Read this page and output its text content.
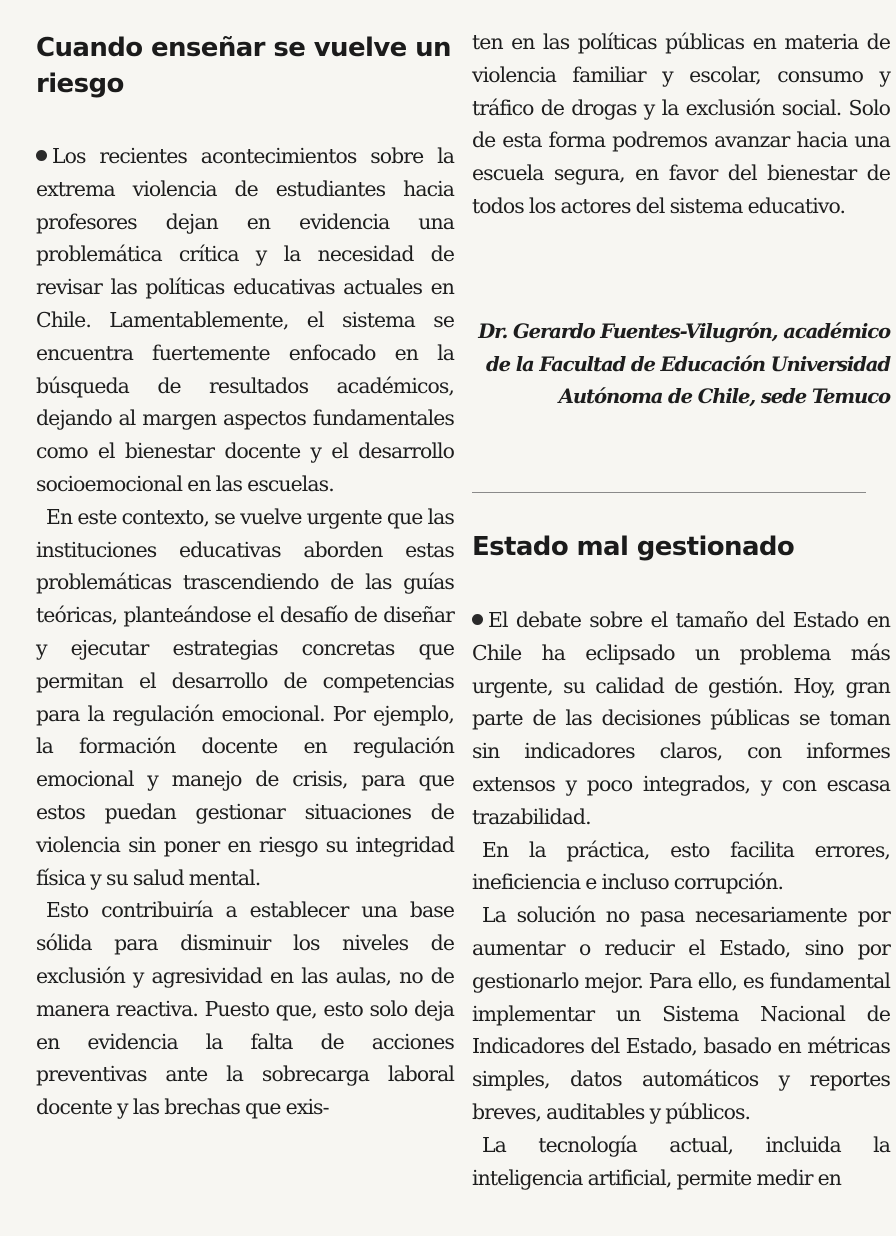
Cuando enseñar se vuelve un riesgo

Los recientes acontecimientos sobre la extrema violencia de estudiantes hacia profesores dejan en evidencia una problemática crítica y la necesidad de revisar las políticas educativas actuales en Chile. Lamentablemente, el sistema se encuentra fuertemente enfocado en la búsqueda de resultados académicos, dejando al margen aspectos fundamentales como el bienestar docente y el desarrollo socioemocional en las escuelas.

En este contexto, se vuelve urgente que las instituciones educativas aborden estas problemáticas trascendiendo de las guías teóricas, planteándose el desafío de diseñar y ejecutar estrategias concretas que permitan el desarrollo de competencias para la regulación emocional. Por ejemplo, la formación docente en regulación emocional y manejo de crisis, para que estos puedan gestionar situaciones de violencia sin poner en riesgo su integridad física y su salud mental.

Esto contribuiría a establecer una base sólida para disminuir los niveles de exclusión y agresividad en las aulas, no de manera reactiva. Puesto que, esto solo deja en evidencia la falta de acciones preventivas ante la sobrecarga laboral docente y las brechas que exis-

ten en las políticas públicas en materia de violencia familiar y escolar, consumo y tráfico de drogas y la exclusión social. Solo de esta forma podremos avanzar hacia una escuela segura, en favor del bienestar de todos los actores del sistema educativo.

Dr. Gerardo Fuentes-Vilugrón, académico de la Facultad de Educación Universidad Autónoma de Chile, sede Temuco

Estado mal gestionado

El debate sobre el tamaño del Estado en Chile ha eclipsado un problema más urgente, su calidad de gestión. Hoy, gran parte de las decisiones públicas se toman sin indicadores claros, con informes extensos y poco integrados, y con escasa trazabilidad.

En la práctica, esto facilita errores, ineficiencia e incluso corrupción.

La solución no pasa necesariamente por aumentar o reducir el Estado, sino por gestionarlo mejor. Para ello, es fundamental implementar un Sistema Nacional de Indicadores del Estado, basado en métricas simples, datos automáticos y reportes breves, auditables y públicos.

La tecnología actual, incluida la inteligencia artificial, permite medir en
